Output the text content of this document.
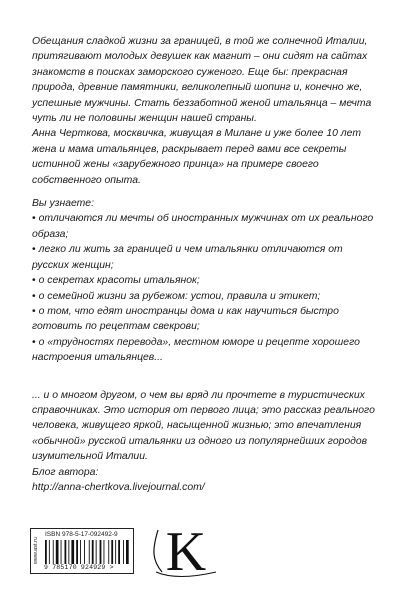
Обещания сладкой жизни за границей, в той же солнечной Италии, притягивают молодых девушек как магнит – они сидят на сайтах знакомств в поисках заморского суженого. Еще бы: прекрасная природа, древние памятники, великолепный шопинг и, конечно же, успешные мужчины. Стать беззаботной женой итальянца – мечта чуть ли не половины женщин нашей страны.

Анна Черткова, москвичка, живущая в Милане и уже более 10 лет жена и мама итальянцев, раскрывает перед вами все секреты истинной жены «зарубежного принца» на примере своего собственного опыта.

Вы узнаете:

• отличаются ли мечты об иностранных мужчинах от их реального образа;

• легко ли жить за границей и чем итальянки отличаются от русских женщин;

• о секретах красоты итальянок;

• о семейной жизни за рубежом: устои, правила и этикет;

• о том, что едят иностранцы дома и как научиться быстро готовить по рецептам свекрови;

• о «трудностях перевода», местном юморе и рецепте хорошего настроения итальянцев...

... и о многом другом, о чем вы вряд ли прочтете в туристических справочниках. Это история от первого лица; это рассказ реального человека, живущего яркой, насыщенной жизнью; это впечатления «обычной» русской итальянки из одного из популярнейших городов изумительной Италии.

Блог автора:

http://anna-chertkova.livejournal.com/

www.ast.ru
ISBN 978-5-17-092492-9
9 785170 924929 > K
